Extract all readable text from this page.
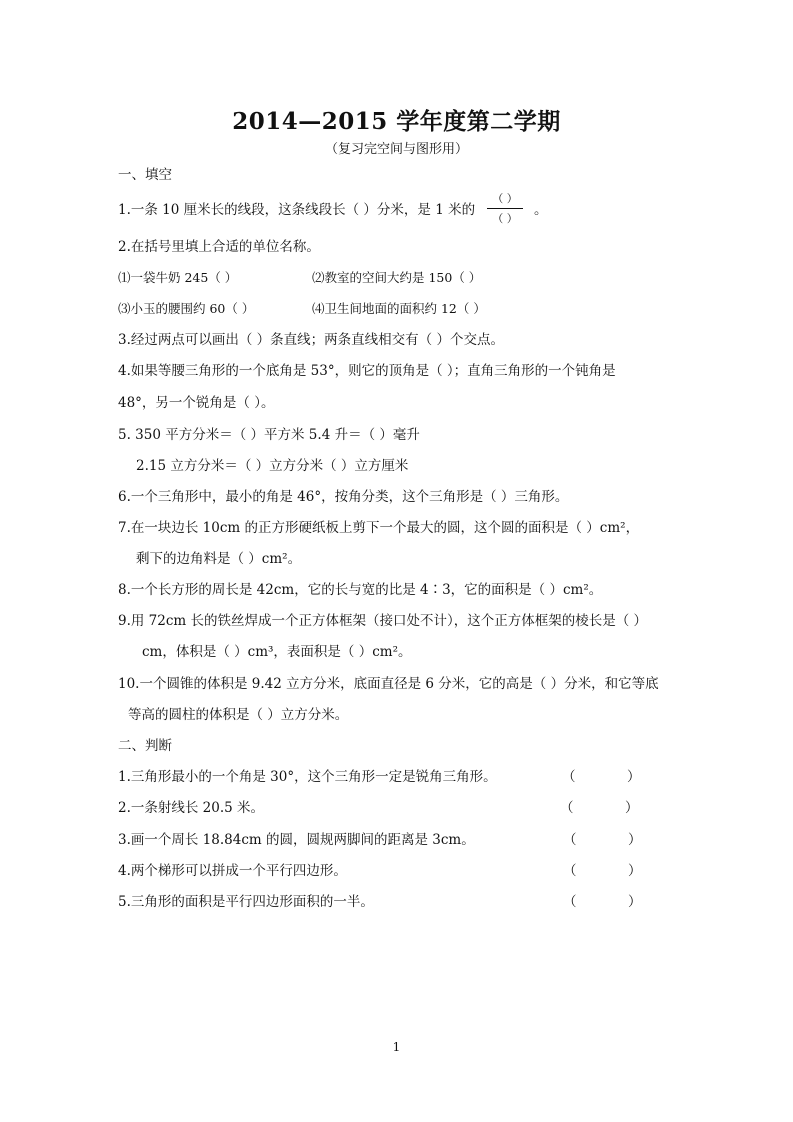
2014—2015 学年度第二学期
（复习完空间与图形用）
一、填空
1.一条 10 厘米长的线段，这条线段长（ ）分米，是 1 米的
（ ）
（ ）
。
2.在括号里填上合适的单位名称。
⑴一袋牛奶 245（ ）	⑵教室的空间大约是 150（ ）
⑶小玉的腰围约 60（ ）	⑷卫生间地面的面积约 12（ ）
3.经过两点可以画出（ ）条直线；两条直线相交有（ ）个交点。
4.如果等腰三角形的一个底角是 53°，则它的顶角是（ ）；直角三角形的一个钝角是
48°，另一个锐角是（ ）。
5. 350 平方分米＝（ ）平方米 5.4 升＝（ ）毫升
2.15 立方分米＝（ ）立方分米（ ）立方厘米
6.一个三角形中，最小的角是 46°，按角分类，这个三角形是（ ）三角形。
7.在一块边长 10cm 的正方形硬纸板上剪下一个最大的圆，这个圆的面积是（ ）cm²，
剩下的边角料是（ ）cm²。
8.一个长方形的周长是 42cm，它的长与宽的比是 4∶3，它的面积是（ ）cm²。
9.用 72cm 长的铁丝焊成一个正方体框架（接口处不计），这个正方体框架的棱长是（ ）
cm，体积是（ ）cm³，表面积是（ ）cm²。
10.一个圆锥的体积是 9.42 立方分米，底面直径是 6 分米，它的高是（ ）分米，和它等底
等高的圆柱的体积是（ ）立方分米。
二、判断
1.三角形最小的一个角是 30°，这个三角形一定是锐角三角形。	（            ）
2.一条射线长 20.5 米。	（            ）
3.画一个周长 18.84cm 的圆，圆规两脚间的距离是 3cm。	（            ）
4.两个梯形可以拼成一个平行四边形。	（            ）
5.三角形的面积是平行四边形面积的一半。	（            ）
1
